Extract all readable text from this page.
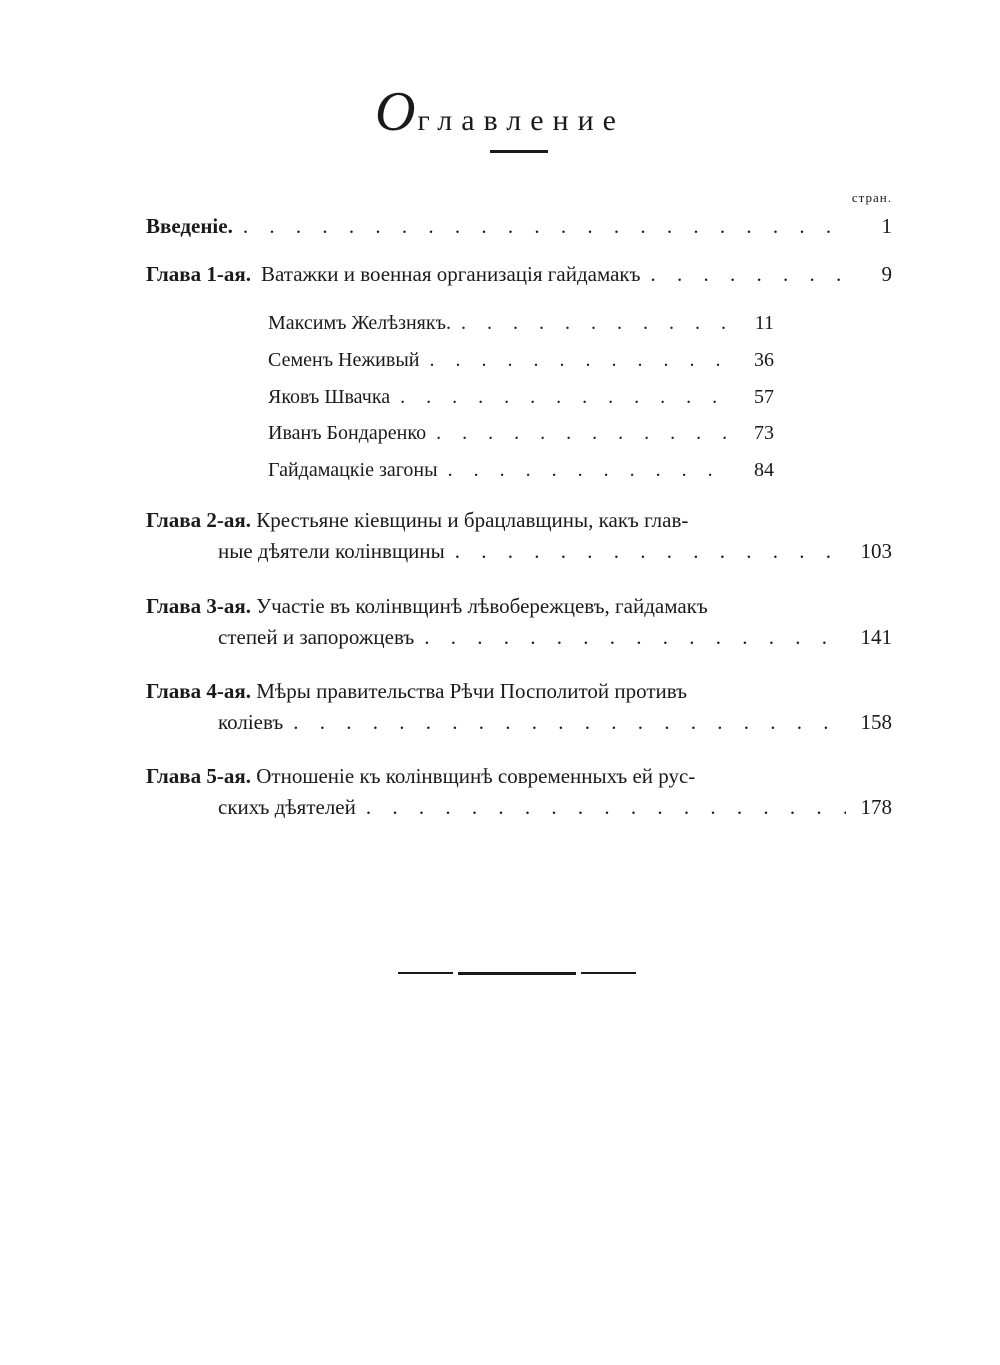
Оглавление
стран.
Введеніе. . . .	1
Глава 1-ая. Ватажки и военная организація гайдамакъ . . .	9
Максимъ Желѣзнякъ. . . .	11
Семенъ Неживый . . .	36
Яковъ Швачка . . .	57
Иванъ Бондаренко . . .	73
Гайдамацкіе загоны . . .	84
Глава 2-ая. Крестьяне кіевщины и брацлавщины, какъ глав-
ные дѣятели колінвщины . . .	103
Глава 3-ая. Участіе въ колінвщинѣ лѣвобережцевъ, гайдамакъ
степей и запорожцевъ . . .	141
Глава 4-ая. Мѣры правительства Рѣчи Посполитой противъ
коліевъ . . .	158
Глава 5-ая. Отношеніе къ колінвщинѣ современныхъ ей рус-
скихъ дѣятелей . . .	178
